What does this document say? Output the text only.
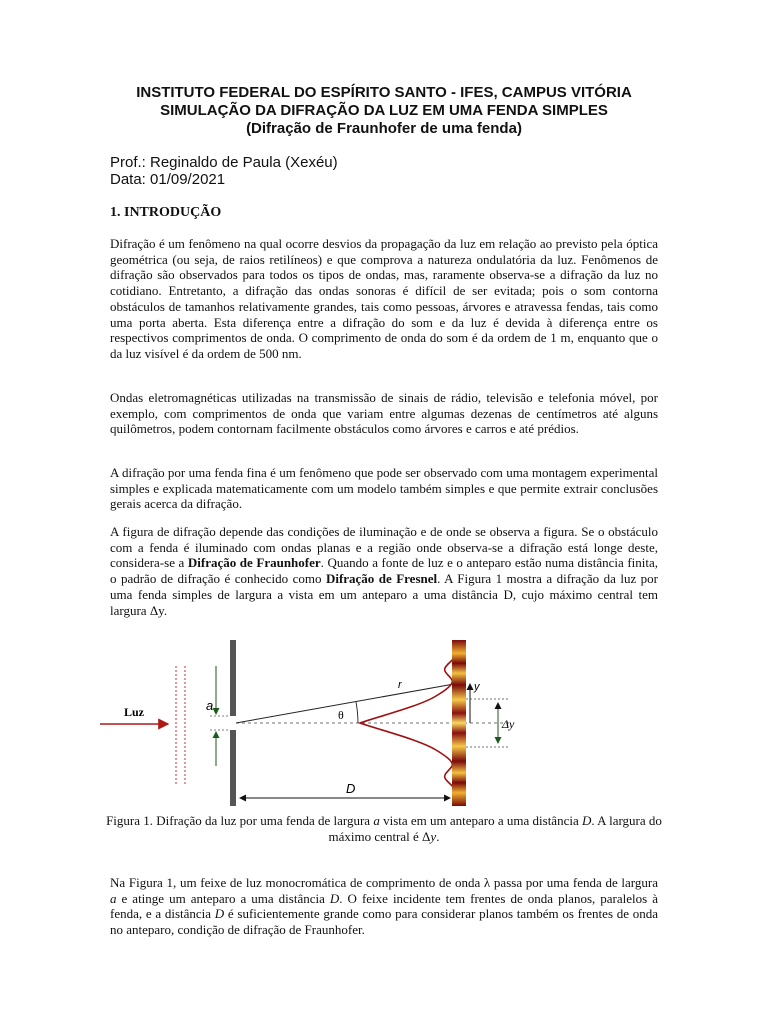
INSTITUTO FEDERAL DO ESPÍRITO SANTO - IFES, CAMPUS VITÓRIA
SIMULAÇÃO DA DIFRAÇÃO DA LUZ EM UMA FENDA SIMPLES
(Difração de Fraunhofer de uma fenda)
Prof.: Reginaldo de Paula (Xexéu)
Data: 01/09/2021
1. INTRODUÇÃO

Difração é um fenômeno na qual ocorre desvios da propagação da luz em relação ao previsto pela óptica geométrica (ou seja, de raios retilíneos) e que comprova a natureza ondulatória da luz. Fenômenos de difração são observados para todos os tipos de ondas, mas, raramente observa-se a difração da luz no cotidiano. Entretanto, a difração das ondas sonoras é difícil de ser evitada; pois o som contorna obstáculos de tamanhos relativamente grandes, tais como pessoas, árvores e atravessa fendas, tais como uma porta aberta. Esta diferença entre a difração do som e da luz é devida à diferença entre os respectivos comprimentos de onda. O comprimento de onda do som é da ordem de 1 m, enquanto que o da luz visível é da ordem de 500 nm.

Ondas eletromagnéticas utilizadas na transmissão de sinais de rádio, televisão e telefonia móvel, por exemplo, com comprimentos de onda que variam entre algumas dezenas de centímetros até alguns quilômetros, podem contornam facilmente obstáculos como árvores e carros e até prédios.

A difração por uma fenda fina é um fenômeno que pode ser observado com uma montagem experimental simples e explicada matematicamente com um modelo também simples e que permite extrair conclusões gerais acerca da difração.

A figura de difração depende das condições de iluminação e de onde se observa a figura. Se o obstáculo com a fenda é iluminado com ondas planas e a região onde observa-se a difração está longe deste, considera-se a Difração de Fraunhofer. Quando a fonte de luz e o anteparo estão numa distância finita, o padrão de difração é conhecido como Difração de Fresnel. A Figura 1 mostra a difração da luz por uma fenda simples de largura a vista em um anteparo a uma distância D, cujo máximo central tem largura Δy.

Luz	a
r
θ
y
Δy
D

Figura 1. Difração da luz por uma fenda de largura a vista em um anteparo a uma distância D. A largura do máximo central é Δy.

Na Figura 1, um feixe de luz monocromática de comprimento de onda λ passa por uma fenda de largura a e atinge um anteparo a uma distância D. O feixe incidente tem frentes de onda planos, paralelos à fenda, e a distância D é suficientemente grande como para considerar planos também os frentes de onda no anteparo, condição de difração de Fraunhofer.
